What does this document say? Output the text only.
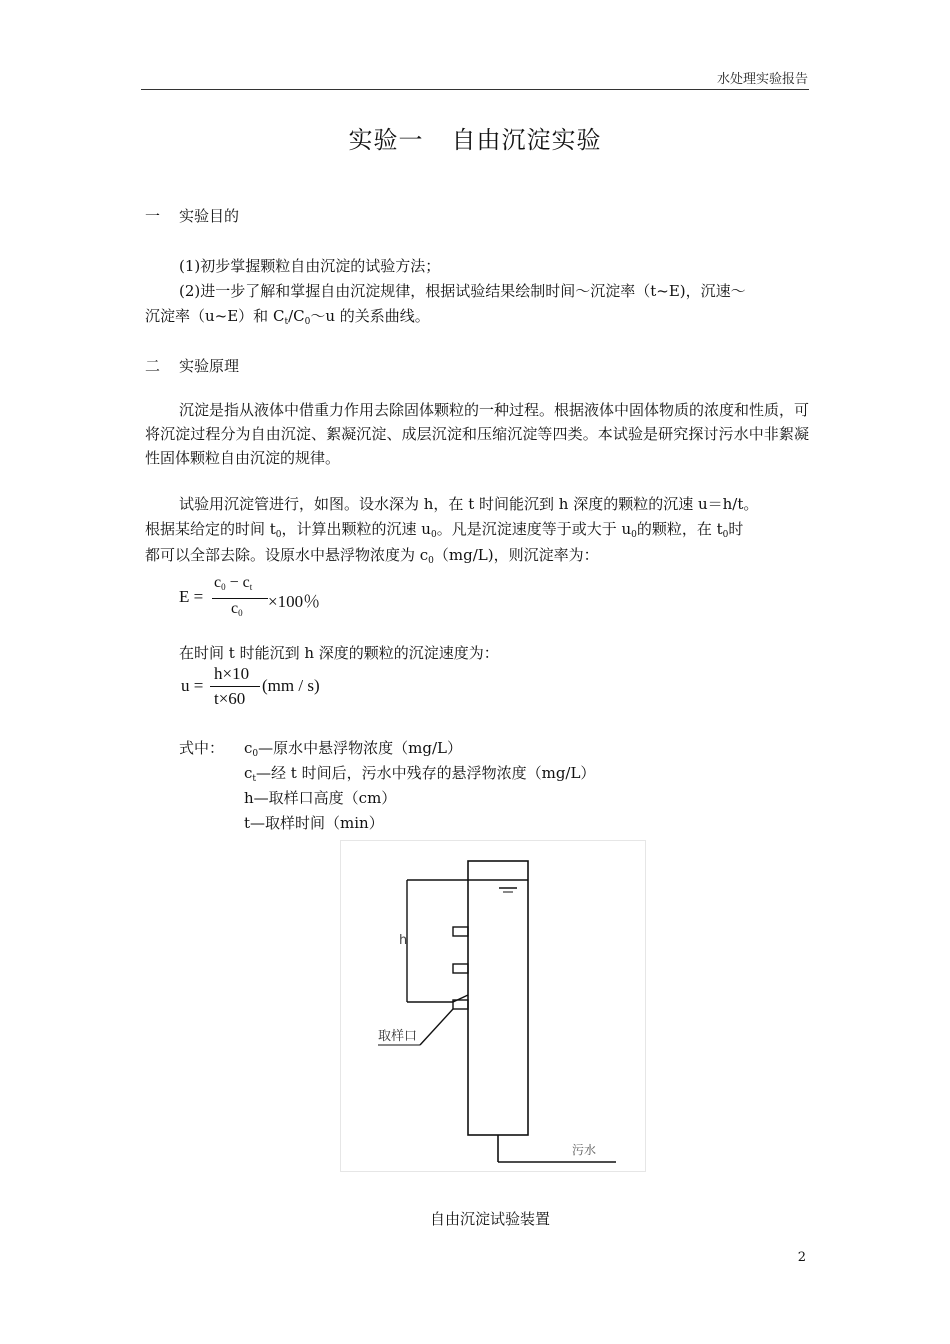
水处理实验报告
实验一 自由沉淀实验
一 实验目的
(1)初步掌握颗粒自由沉淀的试验方法；
(2)进一步了解和掌握自由沉淀规律，根据试验结果绘制时间～沉淀率（t~E)，沉速～
沉淀率（u~E）和 $C_t/C_0\sim u$ 的关系曲线。
二 实验原理
沉淀是指从液体中借重力作用去除固体颗粒的一种过程。根据液体中固体物质的浓度和性质，可将沉淀过程分为自由沉淀、絮凝沉淀、成层沉淀和压缩沉淀等四类。本试验是研究探讨污水中非絮凝性固体颗粒自由沉淀的规律。
试验用沉淀管进行，如图。设水深为 h，在 t 时间能沉到 h 深度的颗粒的沉速 u＝h/t。
根据某给定的时间 $t_0$，计算出颗粒的沉速 $u_0$。凡是沉淀速度等于或大于 $u_0$的颗粒，在 $t_0$时
都可以全部去除。设原水中悬浮物浓度为 $c_0(mg/L)$，则沉淀率为：
E =
$c_0 - c_t$
×100％
$c_0$
在时间 t 时能沉到 h 深度的颗粒的沉淀速度为：
u =
h×10
t×60
(mm / s)
式中： $c_0—$原水中悬浮物浓度（mg/L）
$c_t—$经 t 时间后，污水中残存的悬浮物浓度（mg/L）
h—取样口高度（cm）
t—取样时间（min）
h
取样口
污水
自由沉淀试验装置
2
